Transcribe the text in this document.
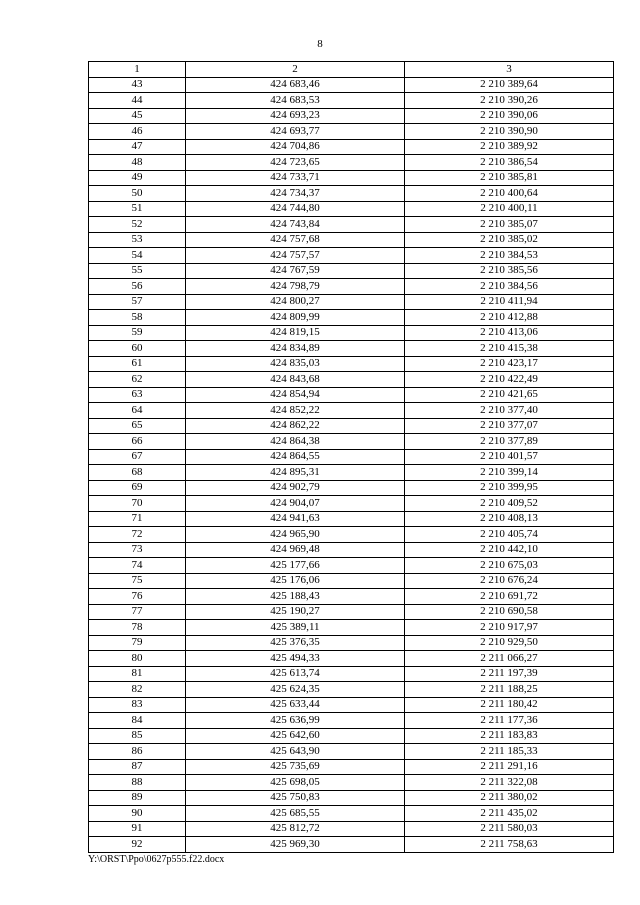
8
1	2	3
43	424 683,46	2 210 389,64
44	424 683,53	2 210 390,26
45	424 693,23	2 210 390,06
46	424 693,77	2 210 390,90
47	424 704,86	2 210 389,92
48	424 723,65	2 210 386,54
49	424 733,71	2 210 385,81
50	424 734,37	2 210 400,64
51	424 744,80	2 210 400,11
52	424 743,84	2 210 385,07
53	424 757,68	2 210 385,02
54	424 757,57	2 210 384,53
55	424 767,59	2 210 385,56
56	424 798,79	2 210 384,56
57	424 800,27	2 210 411,94
58	424 809,99	2 210 412,88
59	424 819,15	2 210 413,06
60	424 834,89	2 210 415,38
61	424 835,03	2 210 423,17
62	424 843,68	2 210 422,49
63	424 854,94	2 210 421,65
64	424 852,22	2 210 377,40
65	424 862,22	2 210 377,07
66	424 864,38	2 210 377,89
67	424 864,55	2 210 401,57
68	424 895,31	2 210 399,14
69	424 902,79	2 210 399,95
70	424 904,07	2 210 409,52
71	424 941,63	2 210 408,13
72	424 965,90	2 210 405,74
73	424 969,48	2 210 442,10
74	425 177,66	2 210 675,03
75	425 176,06	2 210 676,24
76	425 188,43	2 210 691,72
77	425 190,27	2 210 690,58
78	425 389,11	2 210 917,97
79	425 376,35	2 210 929,50
80	425 494,33	2 211 066,27
81	425 613,74	2 211 197,39
82	425 624,35	2 211 188,25
83	425 633,44	2 211 180,42
84	425 636,99	2 211 177,36
85	425 642,60	2 211 183,83
86	425 643,90	2 211 185,33
87	425 735,69	2 211 291,16
88	425 698,05	2 211 322,08
89	425 750,83	2 211 380,02
90	425 685,55	2 211 435,02
91	425 812,72	2 211 580,03
92	425 969,30	2 211 758,63
Y:\ORST\Ppo\0627p555.f22.docx
